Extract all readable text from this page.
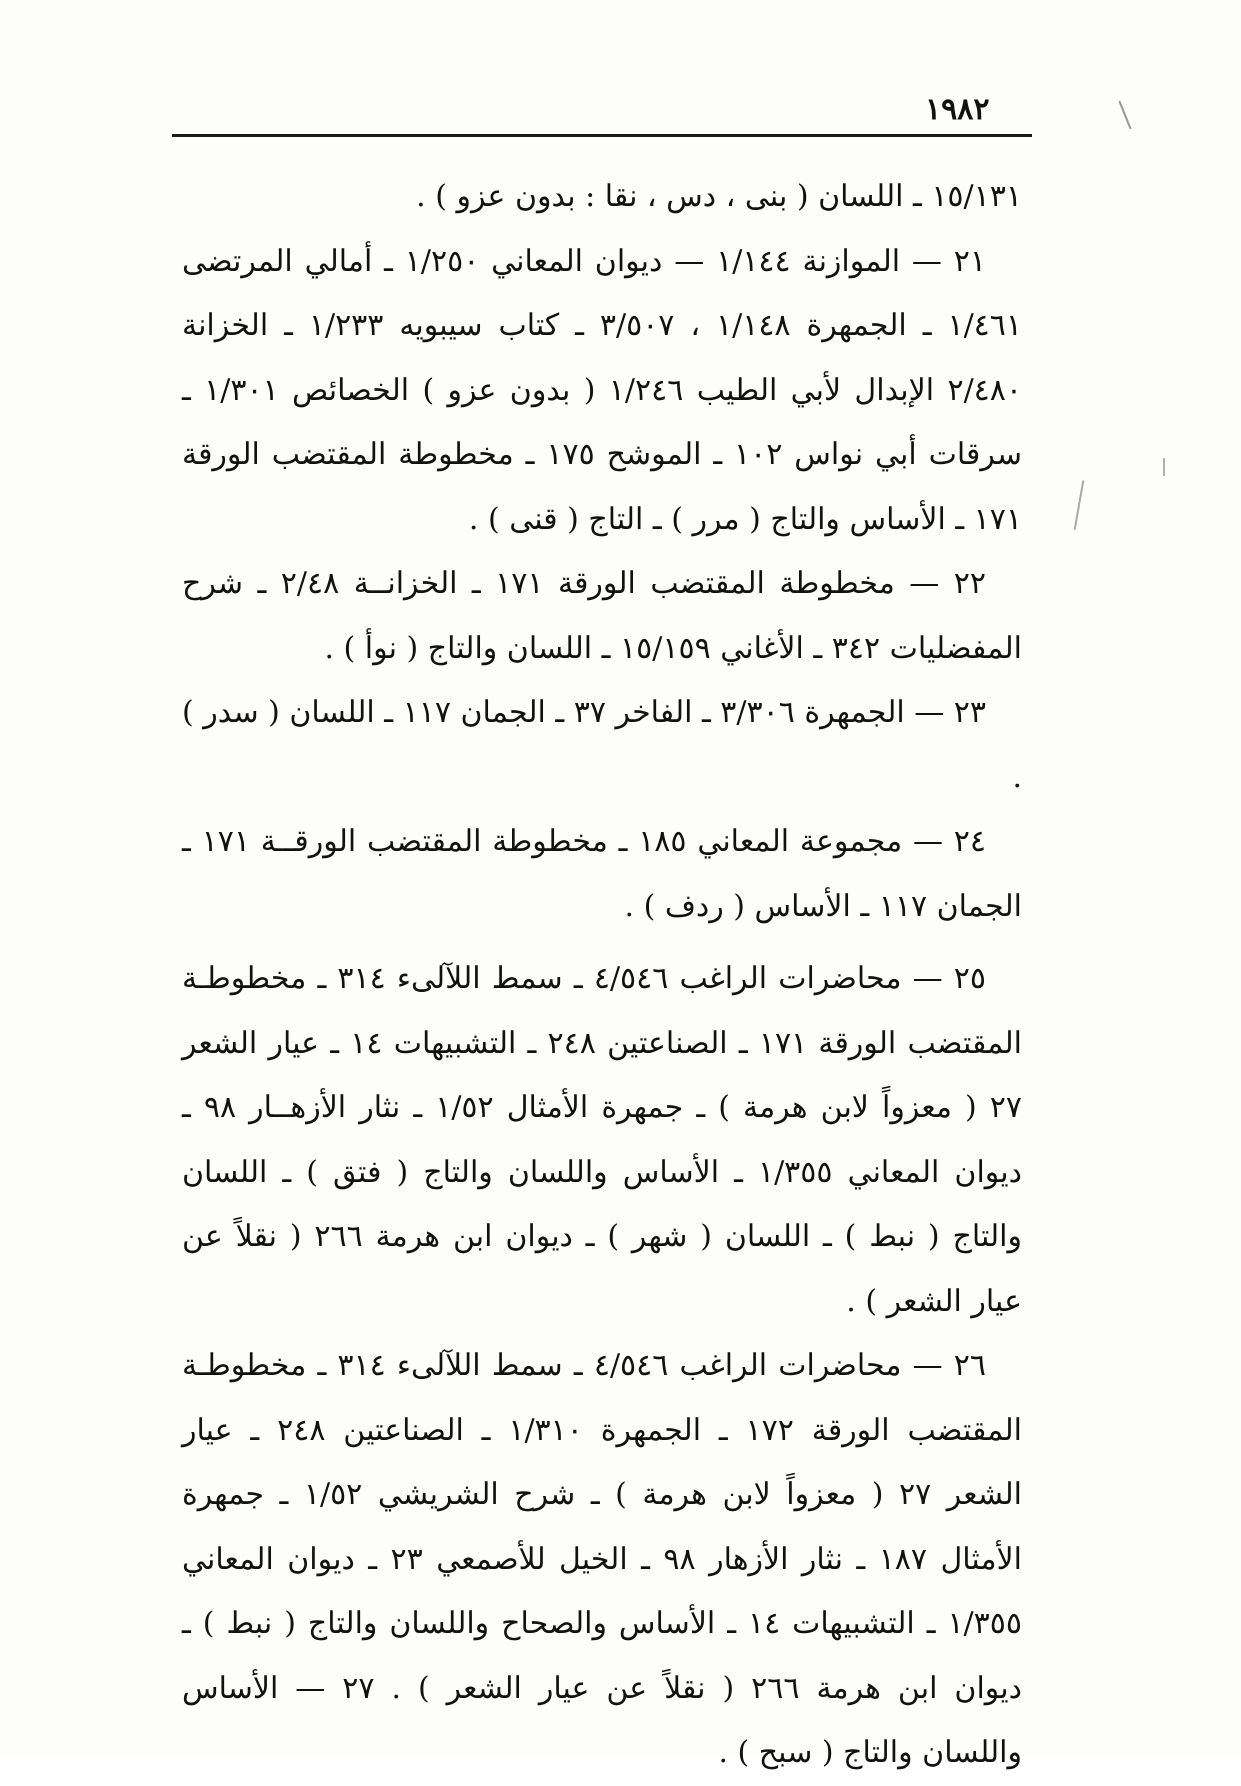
١٩٨٢

١٥/١٣١ ـ اللسان ( بنى ، دس ، نقا : بدون عزو ) .

٢١ — الموازنة ١/١٤٤ — ديوان المعاني ١/٢٥٠ ـ أمالي المرتضى ١/٤٦١ ـ الجمهرة ١/١٤٨ ، ٣/٥٠٧ ـ كتاب سيبويه ١/٢٣٣ ـ الخزانة ٢/٤٨٠ الإبدال لأبي الطيب ١/٢٤٦ ( بدون عزو ) الخصائص ١/٣٠١ ـ سرقات أبي نواس ١٠٢ ـ الموشح ١٧٥ ـ مخطوطة المقتضب الورقة ١٧١ ـ الأساس والتاج ( مرر ) ـ التاج ( قنى ) .

٢٢ — مخطوطة المقتضب الورقة ١٧١ ـ الخزانــة ٢/٤٨ ـ شرح المفضليات ٣٤٢ ـ الأغاني ١٥/١٥٩ ـ اللسان والتاج ( نوأ ) .

٢٣ — الجمهرة ٣/٣٠٦ ـ الفاخر ٣٧ ـ الجمان ١١٧ ـ اللسان ( سدر ) .

٢٤ — مجموعة المعاني ١٨٥ ـ مخطوطة المقتضب الورقــة ١٧١ ـ الجمان ١١٧ ـ الأساس ( ردف ) .

٢٥ — محاضرات الراغب ٤/٥٤٦ ـ سمط اللآلىء ٣١٤ ـ مخطوطـة المقتضب الورقة ١٧١ ـ الصناعتين ٢٤٨ ـ التشبيهات ١٤ ـ عيار الشعر ٢٧ ( معزواً لابن هرمة ) ـ جمهرة الأمثال ١/٥٢ ـ نثار الأزهــار ٩٨ ـ ديوان المعاني ١/٣٥٥ ـ الأساس واللسان والتاج ( فتق ) ـ اللسان والتاج ( نبط ) ـ اللسان ( شهر ) ـ ديوان ابن هرمة ٢٦٦ ( نقلاً عن عيار الشعر ) .

٢٦ — محاضرات الراغب ٤/٥٤٦ ـ سمط اللآلىء ٣١٤ ـ مخطوطـة المقتضب الورقة ١٧٢ ـ الجمهرة ١/٣١٠ ـ الصناعتين ٢٤٨ ـ عيار الشعر ٢٧ ( معزواً لابن هرمة ) ـ شرح الشريشي ١/٥٢ ـ جمهرة الأمثال ١٨٧ ـ نثار الأزهار ٩٨ ـ الخيل للأصمعي ٢٣ ـ ديوان المعاني ١/٣٥٥ ـ التشبيهات ١٤ ـ الأساس والصحاح واللسان والتاج ( نبط ) ـ ديوان ابن هرمة ٢٦٦ ( نقلاً عن عيار الشعر ) . ٢٧ — الأساس واللسان والتاج ( سبح ) .
